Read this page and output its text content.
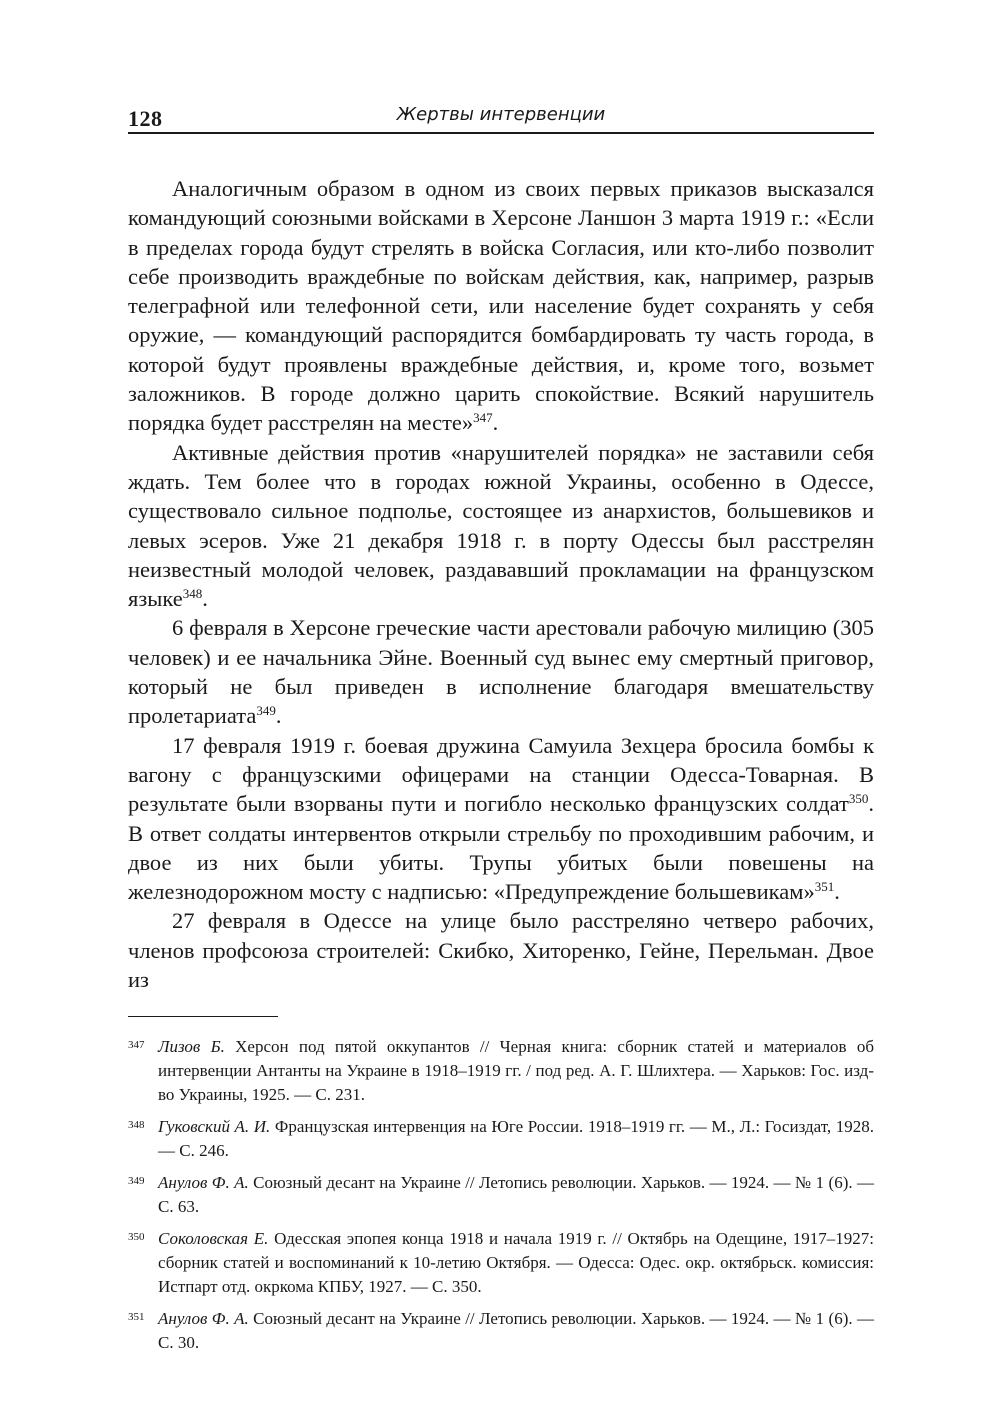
128	Жертвы интервенции

Аналогичным образом в одном из своих первых приказов высказался командующий союзными войсками в Херсоне Ланшон 3 марта 1919 г.: «Если в пределах города будут стрелять в войска Согласия, или кто-либо позволит себе производить враждебные по войскам действия, как, например, разрыв телеграфной или телефонной сети, или население будет сохранять у себя оружие, — командующий распорядится бомбардировать ту часть города, в которой будут проявлены враждебные действия, и, кроме того, возьмет заложников. В городе должно царить спокойствие. Всякий нарушитель порядка будет расстрелян на месте»$^{347}$.

Активные действия против «нарушителей порядка» не заставили себя ждать. Тем более что в городах южной Украины, особенно в Одессе, существовало сильное подполье, состоящее из анархистов, большевиков и левых эсеров. Уже 21 декабря 1918 г. в порту Одессы был расстрелян неизвестный молодой человек, раздававший прокламации на французском языке$^{348}$.

6 февраля в Херсоне греческие части арестовали рабочую милицию (305 человек) и ее начальника Эйне. Военный суд вынес ему смертный приговор, который не был приведен в исполнение благодаря вмешательству пролетариата$^{349}$.

17 февраля 1919 г. боевая дружина Самуила Зехцера бросила бомбы к вагону с французскими офицерами на станции Одесса-Товарная. В результате были взорваны пути и погибло несколько французских солдат$^{350}$. В ответ солдаты интервентов открыли стрельбу по проходившим рабочим, и двое из них были убиты. Трупы убитых были повешены на железнодорожном мосту с надписью: «Предупреждение большевикам»$^{351}$.

27 февраля в Одессе на улице было расстреляно четверо рабочих, членов профсоюза строителей: Скибко, Хиторенко, Гейне, Перельман. Двое из

347 Лизов Б. Херсон под пятой оккупантов // Черная книга: сборник статей и материалов об интервенции Антанты на Украине в 1918–1919 гг. / под ред. А. Г. Шлихтера. — Харьков: Гос. изд-во Украины, 1925. — С. 231.
348 Гуковский А. И. Французская интервенция на Юге России. 1918–1919 гг. — М., Л.: Госиздат, 1928. — С. 246.
349 Анулов Ф. А. Союзный десант на Украине // Летопись революции. Харьков. — 1924. — № 1 (6). — С. 63.
350 Соколовская Е. Одесская эпопея конца 1918 и начала 1919 г. // Октябрь на Одещине, 1917–1927: сборник статей и воспоминаний к 10-летию Октября. — Одесса: Одес. окр. октябрьск. комиссия: Истпарт отд. окркома КПБУ, 1927. — С. 350.
351 Анулов Ф. А. Союзный десант на Украине // Летопись революции. Харьков. — 1924. — № 1 (6). — С. 30.
